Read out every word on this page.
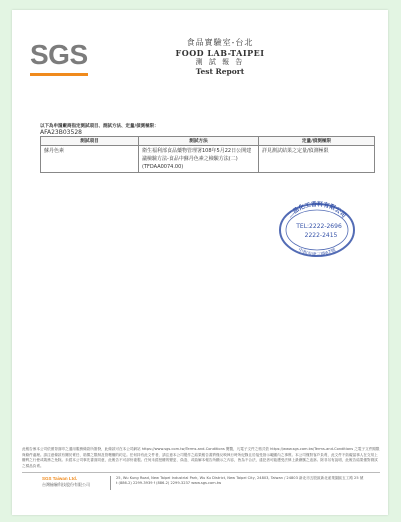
SGS	食品實驗室-台北
FOOD LAB-TAIPEI
測 試 報 告
Test Report
以下為申請廠商指定測試項目、測試方法、定量/偵測極限：
AFA23B03528
測試項目	測試方法	定量/偵測極限
蘇丹色素	衛生福利部食品藥物管理署108年5月22日公開建議檢驗方法-食品中蘇丹色素之檢驗方法(二)(TFDAA0074.00)	詳見測試結果之定量/偵測極限
二品化工香料有限公司
中和市建三路67號
TEL:2222-2696
2222-2415
此報告係本公司依照背面印之通用服務條款所簽發，此條款可在本公司網站 https://www.sgs.com.tw/Terms-and-Conditions 閱覽，凡電子文件之格式依 https://www.sgs.com.tw/Terms-and-Conditions 之電子文件期限與條件處理。請注意條款有關於責任、賠償之限制及管轄權的約定。任何持有此文件者，請注意本公司製作之結果報告書將僅反映執行時所紀錄且於接受指示範圍內之事實。本公司僅對客戶負責，此文件不妨礙當事人在交易上權利之行使或義務之免除。未經本公司事先書面同意，此報告不可部份複製。任何未經授權的變更、偽造、或曲解本報告所顯示之內容，皆為不合法，違犯者可能遭受法律上最嚴厲之追訴。除非另有說明，此報告結果僅對測試之樣品負責。
SGS Taiwan Ltd.
台灣檢驗科技股份有限公司
25, Wu Kung Road, New Taipei Industrial Park, Wu Ku District, New Taipei City, 24803, Taiwan / 24803 新北市五股區新北產業園區五工路 25 號
t (886-2) 2299-3939 f (886-2) 2299-3237 www.sgs.com.tw
